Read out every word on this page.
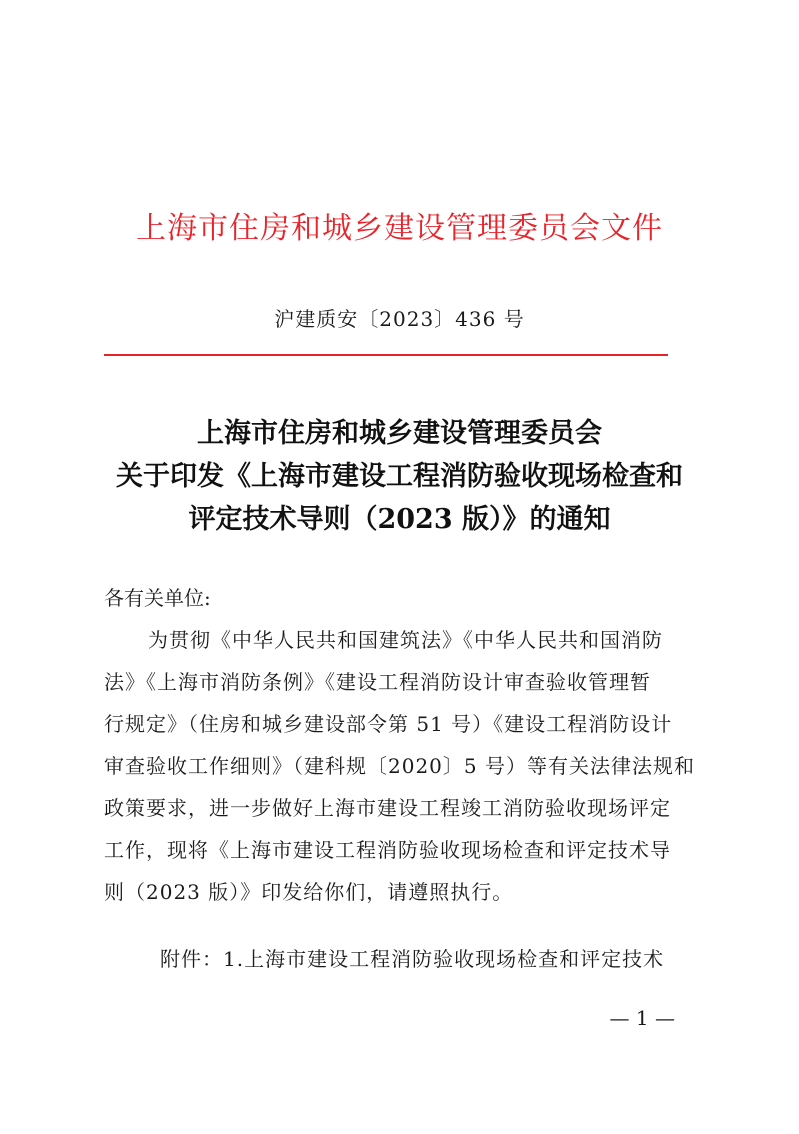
上海市住房和城乡建设管理委员会文件
沪建质安〔2023〕436 号
上海市住房和城乡建设管理委员会
关于印发《上海市建设工程消防验收现场检查和
评定技术导则（2023 版）》的通知
各有关单位:
为贯彻《中华人民共和国建筑法》《中华人民共和国消防
法》《上海市消防条例》《建设工程消防设计审查验收管理暂
行规定》（住房和城乡建设部令第 51 号）《建设工程消防设计
审查验收工作细则》（建科规〔2020〕5 号）等有关法律法规和
政策要求，进一步做好上海市建设工程竣工消防验收现场评定
工作，现将《上海市建设工程消防验收现场检查和评定技术导
则（2023 版）》印发给你们，请遵照执行。
附件：1.上海市建设工程消防验收现场检查和评定技术
— 1 —
